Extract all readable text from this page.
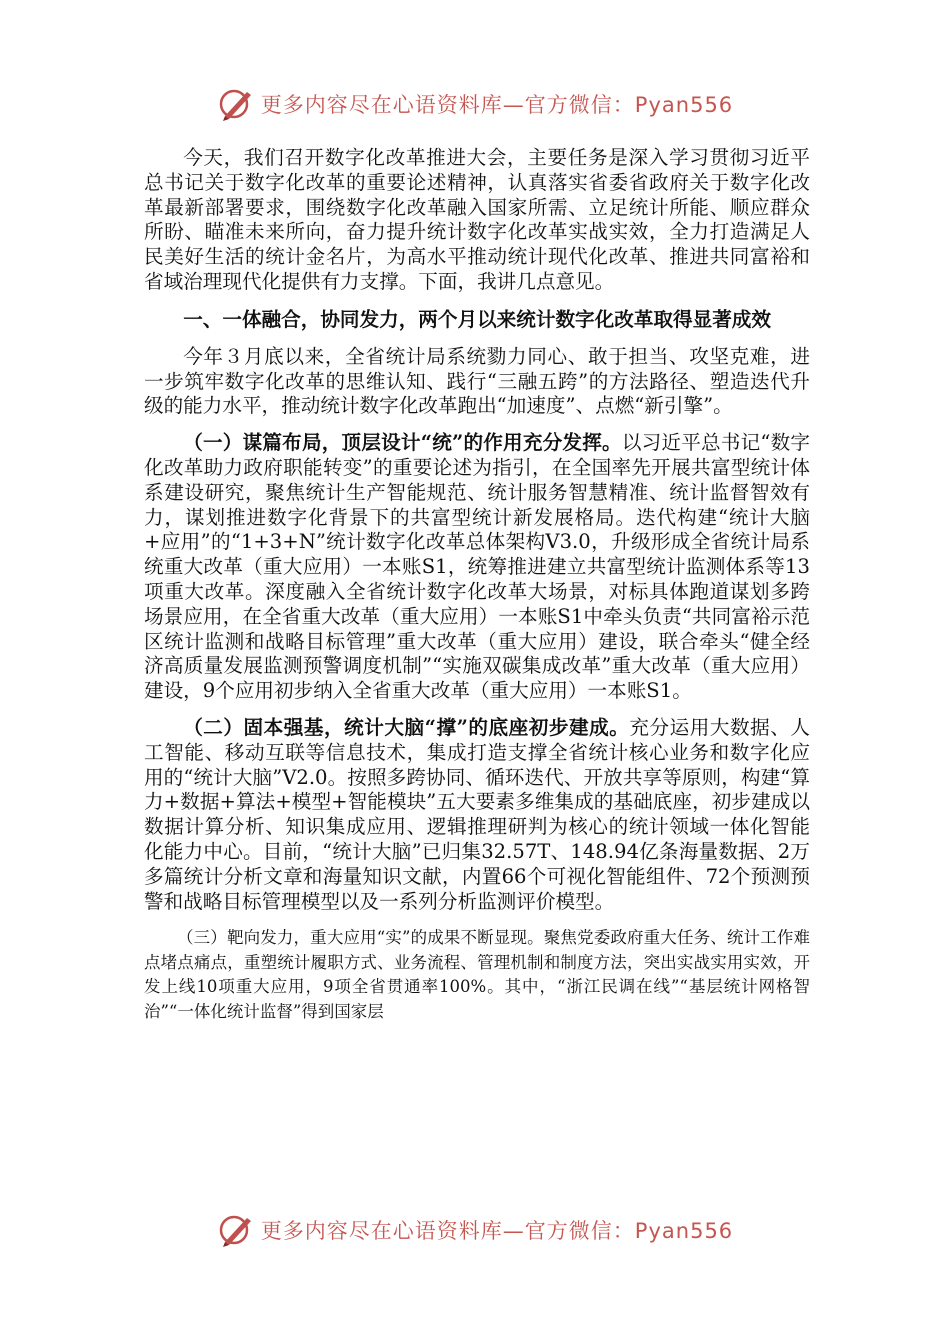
更多内容尽在心语资料库—官方微信：Pyan556

今天，我们召开数字化改革推进大会，主要任务是深入学习贯彻习近平总书记关于数字化改革的重要论述精神，认真落实省委省政府关于数字化改革最新部署要求，围绕数字化改革融入国家所需、立足统计所能、顺应群众所盼、瞄准未来所向，奋力提升统计数字化改革实战实效，全力打造满足人民美好生活的统计金名片，为高水平推动统计现代化改革、推进共同富裕和省域治理现代化提供有力支撑。下面，我讲几点意见。

一、一体融合，协同发力，两个月以来统计数字化改革取得显著成效

今年３月底以来，全省统计局系统勠力同心、敢于担当、攻坚克难，进一步筑牢数字化改革的思维认知、践行“三融五跨”的方法路径、塑造迭代升级的能力水平，推动统计数字化改革跑出“加速度”、点燃“新引擎”。

（一）谋篇布局，顶层设计“统”的作用充分发挥。以习近平总书记“数字化改革助力政府职能转变”的重要论述为指引，在全国率先开展共富型统计体系建设研究，聚焦统计生产智能规范、统计服务智慧精准、统计监督智效有力，谋划推进数字化背景下的共富型统计新发展格局。迭代构建“统计大脑+应用”的“1+3+N”统计数字化改革总体架构V3.0，升级形成全省统计局系统重大改革（重大应用）一本账S1，统筹推进建立共富型统计监测体系等13项重大改革。深度融入全省统计数字化改革大场景，对标具体跑道谋划多跨场景应用，在全省重大改革（重大应用）一本账S1中牵头负责“共同富裕示范区统计监测和战略目标管理”重大改革（重大应用）建设，联合牵头“健全经济高质量发展监测预警调度机制”“实施双碳集成改革”重大改革（重大应用）建设，9个应用初步纳入全省重大改革（重大应用）一本账S1。

（二）固本强基，统计大脑“撑”的底座初步建成。充分运用大数据、人工智能、移动互联等信息技术，集成打造支撑全省统计核心业务和数字化应用的“统计大脑”V2.0。按照多跨协同、循环迭代、开放共享等原则，构建“算力+数据+算法+模型+智能模块”五大要素多维集成的基础底座，初步建成以数据计算分析、知识集成应用、逻辑推理研判为核心的统计领域一体化智能化能力中心。目前，“统计大脑”已归集32.57T、148.94亿条海量数据、2万多篇统计分析文章和海量知识文献，内置66个可视化智能组件、72个预测预警和战略目标管理模型以及一系列分析监测评价模型。

（三）靶向发力，重大应用“实”的成果不断显现。聚焦党委政府重大任务、统计工作难点堵点痛点，重塑统计履职方式、业务流程、管理机制和制度方法，突出实战实用实效，开发上线10项重大应用，9项全省贯通率100%。其中，“浙江民调在线”“基层统计网格智治”“一体化统计监督”得到国家层

更多内容尽在心语资料库—官方微信：Pyan556
